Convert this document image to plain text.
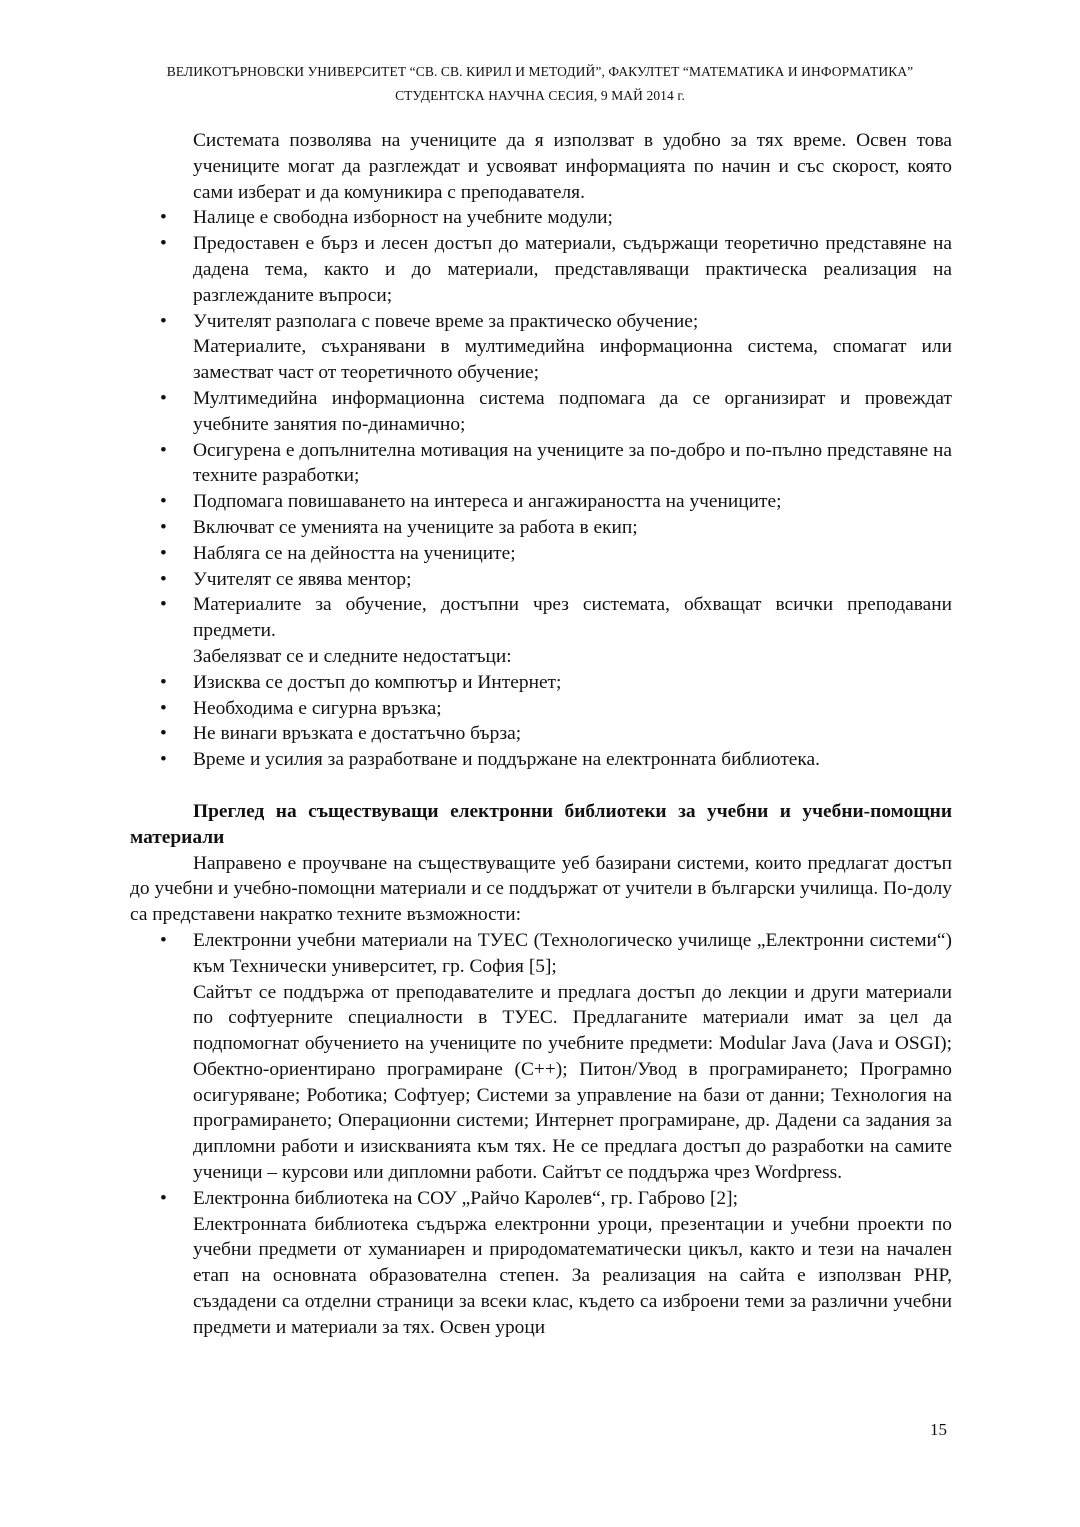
ВЕЛИКОТЪРНОВСКИ УНИВЕРСИТЕТ “СВ. СВ. КИРИЛ И МЕТОДИЙ”, ФАКУЛТЕТ “МАТЕМАТИКА И ИНФОРМАТИКА”
СТУДЕНТСКА НАУЧНА СЕСИЯ, 9 МАЙ 2014 г.

Системата позволява на учениците да я използват в удобно за тях време. Освен това учениците могат да разглеждат и усвояват информацията по начин и със скорост, която сами изберат и да комуникира с преподавателя.

• Налице е свободна изборност на учебните модули;

• Предоставен е бърз и лесен достъп до материали, съдържащи теоретично представяне на дадена тема, както и до материали, представляващи практическа реализация на разглежданите въпроси;

• Учителят разполага с повече време за практическо обучение;

Материалите, съхранявани в мултимедийна информационна система, спомагат или заместват част от теоретичното обучение;

• Мултимедийна информационна система подпомага да се организират и провеждат учебните занятия по-динамично;

• Осигурена е допълнителна мотивация на учениците за по-добро и по-пълно представяне на техните разработки;

• Подпомага повишаването на интереса и ангажираността на учениците;

• Включват се уменията на учениците за работа в екип;

• Набляга се на дейността на учениците;

• Учителят се явява ментор;

• Материалите за обучение, достъпни чрез системата, обхващат всички преподавани предмети.

Забелязват се и следните недостатъци:

• Изисква се достъп до компютър и Интернет;

• Необходима е сигурна връзка;

• Не винаги връзката е достатъчно бърза;

• Време и усилия за разработване и поддържане на електронната библиотека.

Преглед на съществуващи електронни библиотеки за учебни и учебни-помощни материали

Направено е проучване на съществуващите уеб базирани системи, които предлагат достъп до учебни и учебно-помощни материали и се поддържат от учители в български училища. По-долу са представени накратко техните възможности:

• Електронни учебни материали на ТУЕС (Технологическо училище „Електронни системи“) към Технически университет, гр. София [5];

Сайтът се поддържа от преподавателите и предлага достъп до лекции и други материали по софтуерните специалности в ТУЕС. Предлаганите материали имат за цел да подпомогнат обучението на учениците по учебните предмети: Modular Java (Java и OSGI); Обектно-ориентирано програмиране (C++); Питон/Увод в програмирането; Програмно осигуряване; Роботика; Софтуер; Системи за управление на бази от данни; Технология на програмирането; Операционни системи; Интернет програмиране, др. Дадени са задания за дипломни работи и изискванията към тях. Не се предлага достъп до разработки на самите ученици – курсови или дипломни работи. Сайтът се поддържа чрез Wordpress.

• Електронна библиотека на СОУ „Райчо Каролев“, гр. Габрово [2];

Електронната библиотека съдържа електронни уроци, презентации и учебни проекти по учебни предмети от хуманиарен и природоматематически цикъл, както и тези на начален етап на основната образователна степен. За реализация на сайта е използван PHP, създадени са отделни страници за всеки клас, където са изброени теми за различни учебни предмети и материали за тях. Освен уроци

15
